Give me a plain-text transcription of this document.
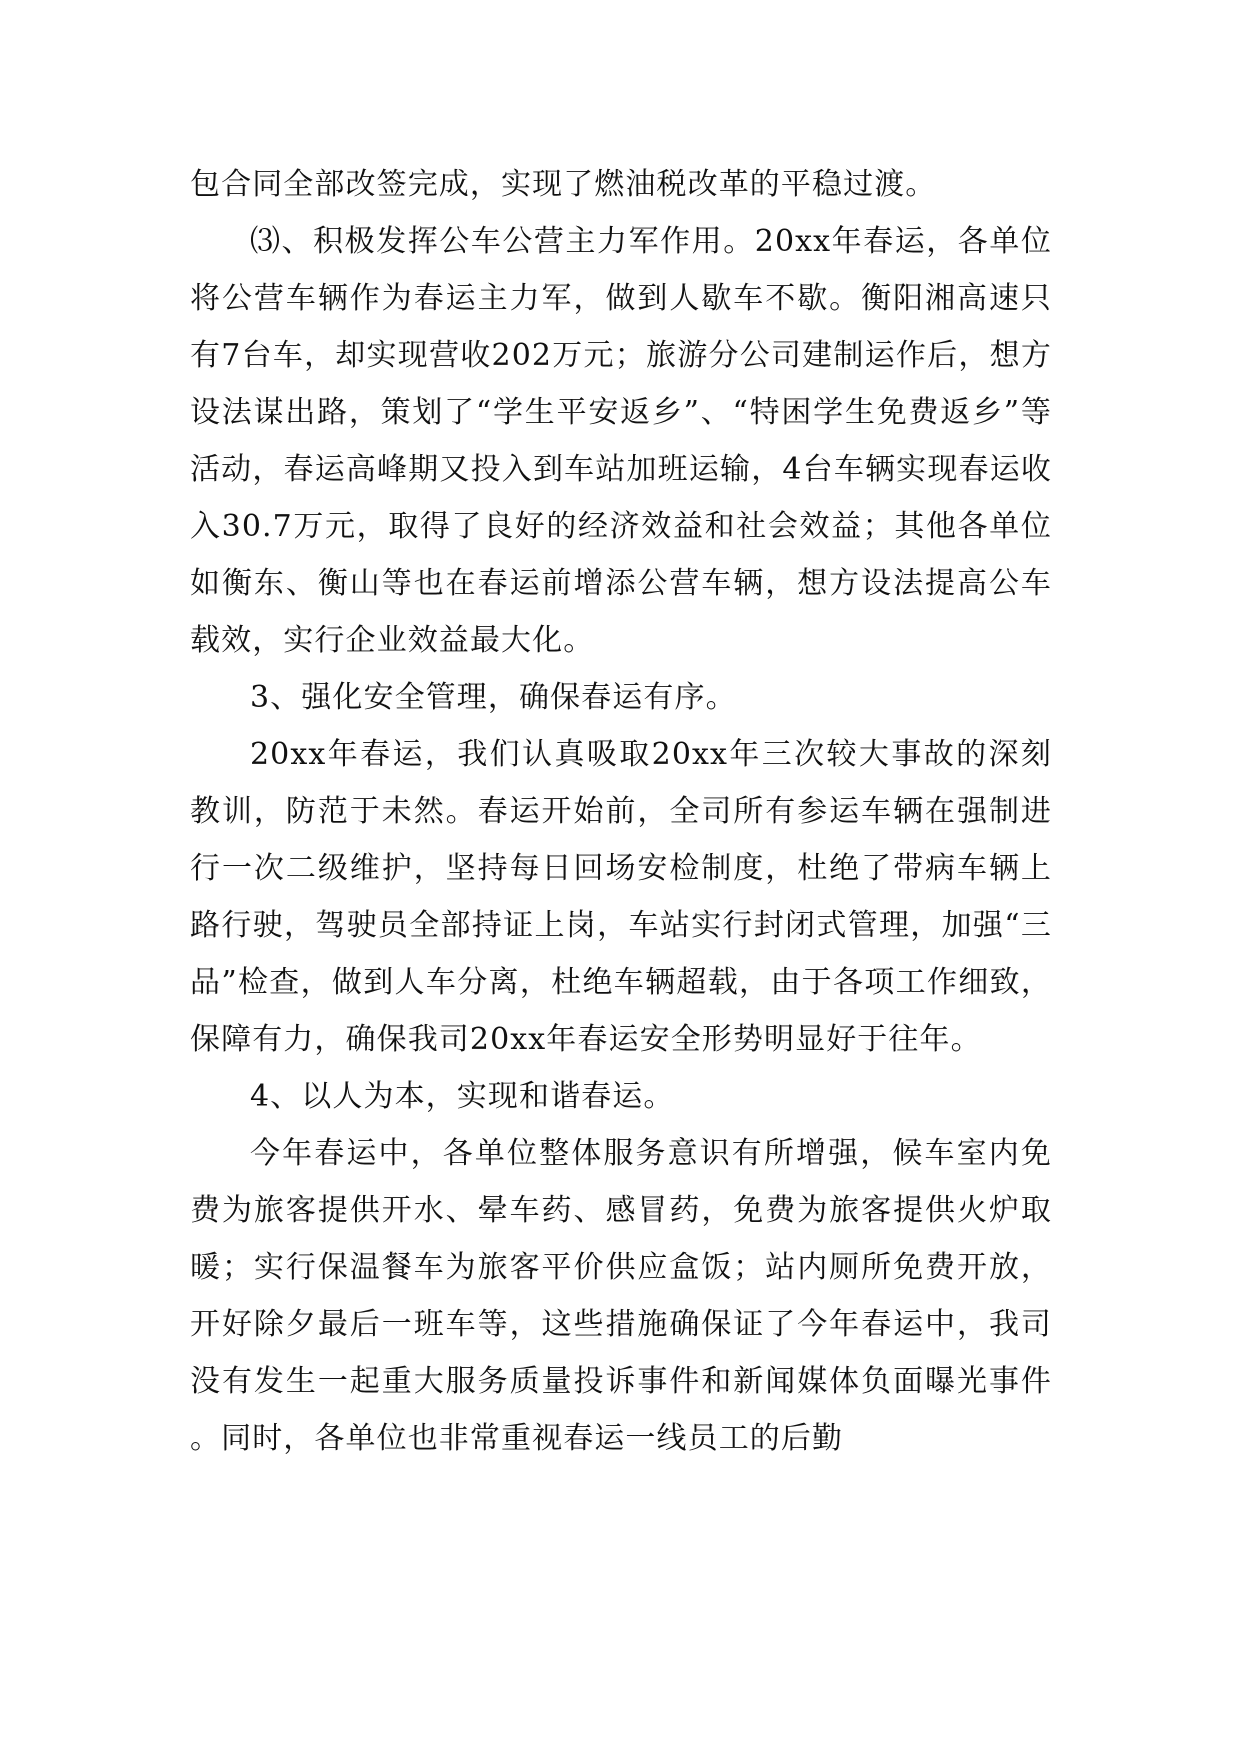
包合同全部改签完成，实现了燃油税改革的平稳过渡。

⑶、积极发挥公车公营主力军作用。20xx年春运，各单位将公营车辆作为春运主力军，做到人歇车不歇。衡阳湘高速只有7台车，却实现营收202万元；旅游分公司建制运作后，想方设法谋出路，策划了“学生平安返乡”、“特困学生免费返乡”等活动，春运高峰期又投入到车站加班运输，4台车辆实现春运收入30.7万元，取得了良好的经济效益和社会效益；其他各单位如衡东、衡山等也在春运前增添公营车辆，想方设法提高公车载效，实行企业效益最大化。

3、强化安全管理，确保春运有序。

20xx年春运，我们认真吸取20xx年三次较大事故的深刻教训，防范于未然。春运开始前，全司所有参运车辆在强制进行一次二级维护，坚持每日回场安检制度，杜绝了带病车辆上路行驶，驾驶员全部持证上岗，车站实行封闭式管理，加强“三品”检查，做到人车分离，杜绝车辆超载，由于各项工作细致，保障有力，确保我司20xx年春运安全形势明显好于往年。

4、以人为本，实现和谐春运。

今年春运中，各单位整体服务意识有所增强，候车室内免费为旅客提供开水、晕车药、感冒药，免费为旅客提供火炉取暖；实行保温餐车为旅客平价供应盒饭；站内厕所免费开放，开好除夕最后一班车等，这些措施确保证了今年春运中，我司没有发生一起重大服务质量投诉事件和新闻媒体负面曝光事件。同时，各单位也非常重视春运一线员工的后勤
